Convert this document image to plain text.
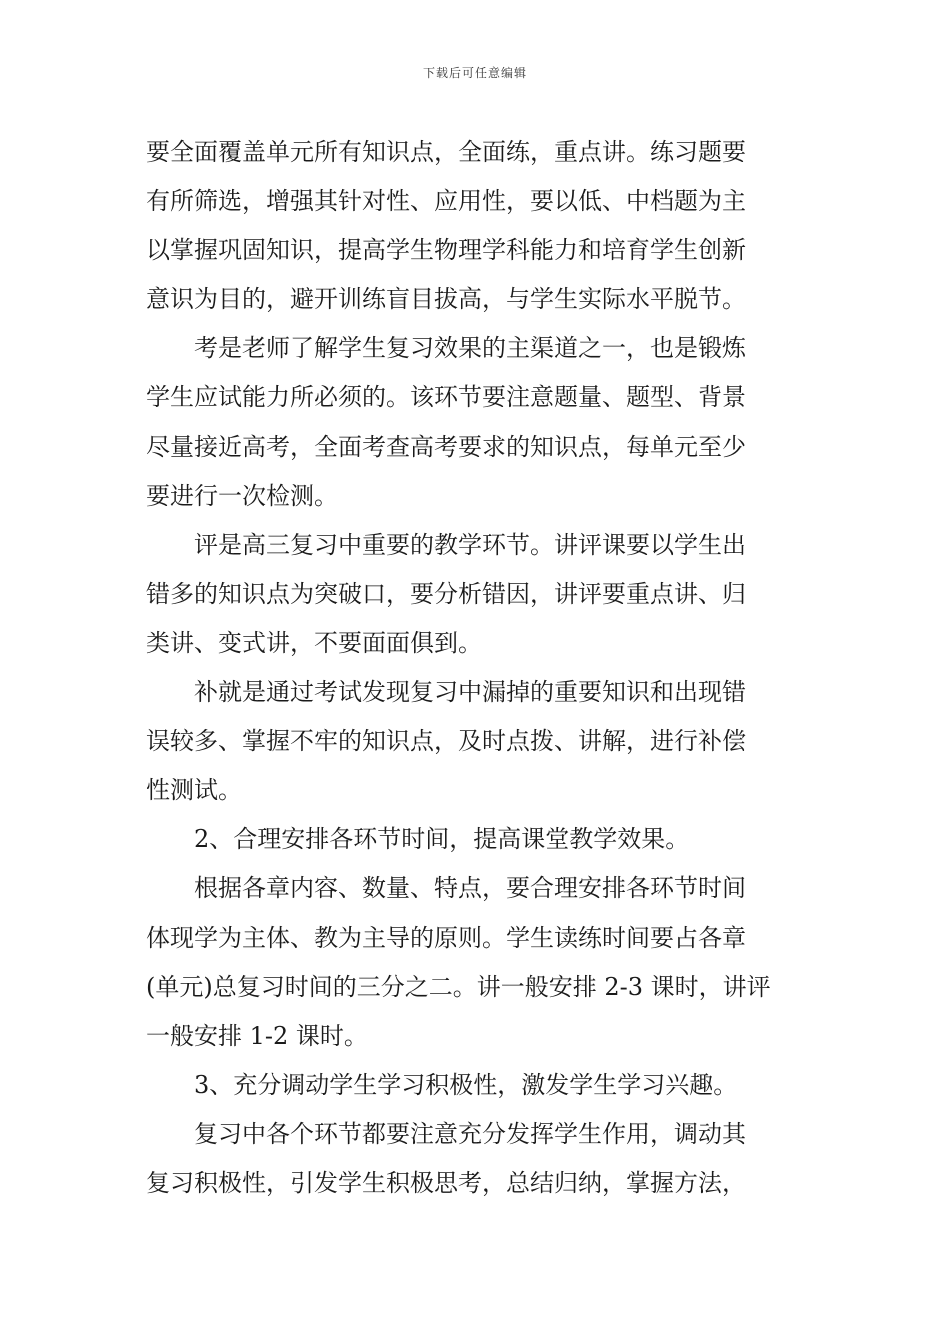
下载后可任意编辑
要全面覆盖单元所有知识点，全面练，重点讲。练习题要
有所筛选，增强其针对性、应用性，要以低、中档题为主
以掌握巩固知识，提高学生物理学科能力和培育学生创新
意识为目的，避开训练盲目拔高，与学生实际水平脱节。
考是老师了解学生复习效果的主渠道之一，也是锻炼
学生应试能力所必须的。该环节要注意题量、题型、背景
尽量接近高考，全面考查高考要求的知识点，每单元至少
要进行一次检测。
评是高三复习中重要的教学环节。讲评课要以学生出
错多的知识点为突破口，要分析错因，讲评要重点讲、归
类讲、变式讲，不要面面俱到。
补就是通过考试发现复习中漏掉的重要知识和出现错
误较多、掌握不牢的知识点，及时点拨、讲解，进行补偿
性测试。
2、合理安排各环节时间，提高课堂教学效果。
根据各章内容、数量、特点，要合理安排各环节时间
体现学为主体、教为主导的原则。学生读练时间要占各章
(单元)总复习时间的三分之二。讲一般安排 2-3 课时，讲评
一般安排 1-2 课时。
3、充分调动学生学习积极性，激发学生学习兴趣。
复习中各个环节都要注意充分发挥学生作用，调动其
复习积极性，引发学生积极思考，总结归纳，掌握方法，
